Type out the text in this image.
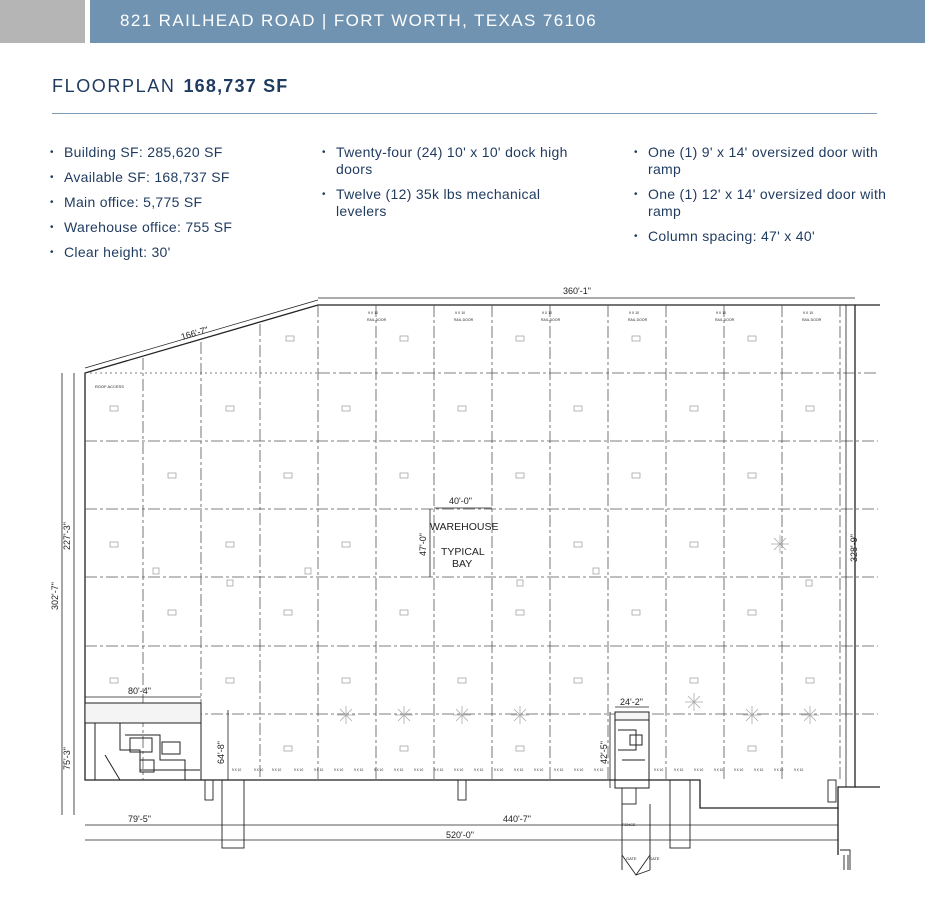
821 RAILHEAD ROAD | FORT WORTH, TEXAS 76106
FLOORPLAN 168,737 SF
• Building SF: 285,620 SF
• Available SF: 168,737 SF
• Main office: 5,775 SF
• Warehouse office: 755 SF
• Clear height: 30'
• Twenty-four (24) 10' x 10' dock high doors
• Twelve (12) 35k lbs mechanical levelers
• One (1) 9' x 14' oversized door with ramp
• One (1) 12' x 14' oversized door with ramp
• Column spacing: 47' x 40'
9 X 10
RAIL DOOR
9 X 10
RAIL DOOR
9 X 10
RAIL DOOR
9 X 10
RAIL DOOR
9 X 10
RAIL DOOR
9 X 10
RAIL DOOR
9 X 10	9 X 10	9 X 10	9 X 10	9 X 10	9 X 10	9 X 10	9 X 10	9 X 10	9 X 10	9 X 10	9 X 10	9 X 10	9 X 10	9 X 10	9 X 10	9 X 10	9 X 10	9 X 10	9 X 10	9 X 10	9 X 10	9 X 10	9 X 10	9 X 10	9 X 10	9 X 10
360'-1"
166'-7"
302'-7"
227'-3"
75'-3"
328'-9"
80'-4"
64'-8"
79'-5"	440'-7"
520'-0"
40'-0"
47'-0"
24'-2"
42'-5"
WAREHOUSE
TYPICAL
BAY
ROOF ACCESS
FENCE
GATE	GATE
